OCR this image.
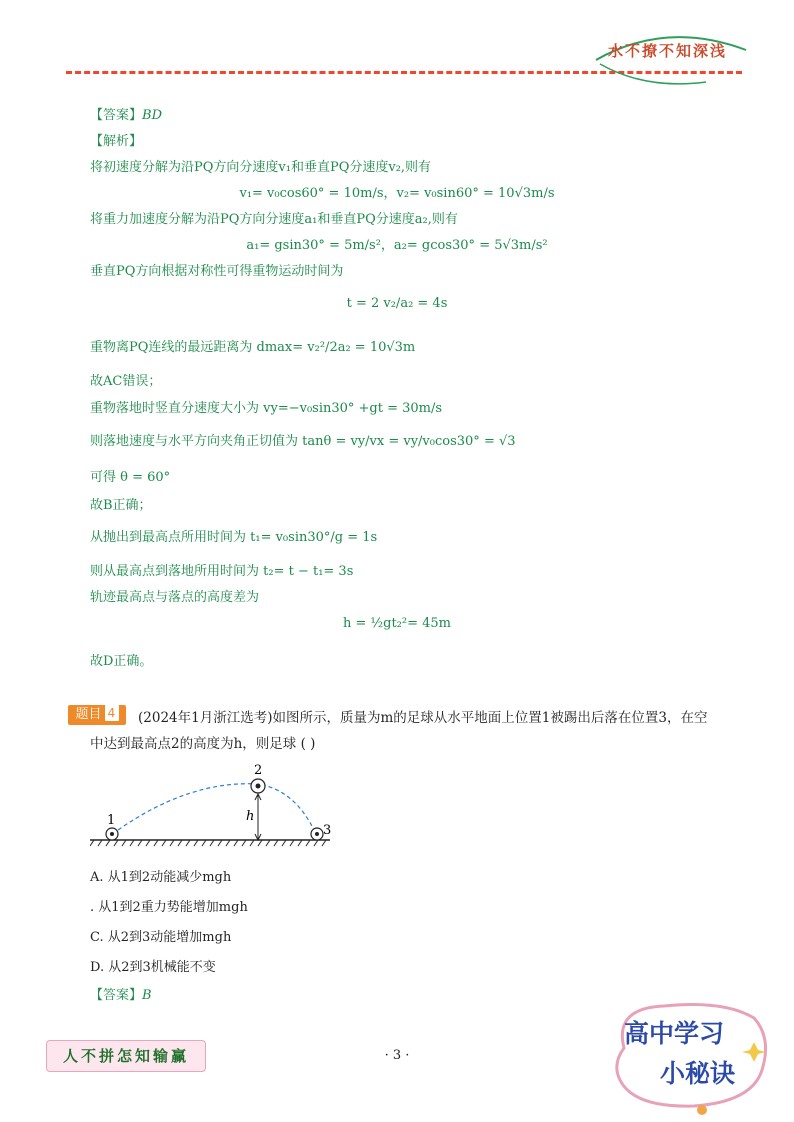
水不撩不知深浅
【答案】BD
【解析】
将初速度分解为沿PQ方向分速度v₁和垂直PQ分速度v₂,则有
v₁= v₀cos60° = 10m/s，v₂= v₀sin60° = 10√3m/s
将重力加速度分解为沿PQ方向分速度a₁和垂直PQ分速度a₂,则有
a₁= gsin30° = 5m/s²，a₂= gcos30° = 5√3m/s²
垂直PQ方向根据对称性可得重物运动时间为
t = 2 v₂/a₂ = 4s
重物离PQ连线的最远距离为 dmax= v₂²/2a₂ = 10√3m
故AC错误；
重物落地时竖直分速度大小为 vy=−v₀sin30° +gt = 30m/s
则落地速度与水平方向夹角正切值为 tanθ = vy/vx = vy/v₀cos30° = √3
可得 θ = 60°
故B正确；
从抛出到最高点所用时间为 t₁= v₀sin30°/g = 1s
则从最高点到落地所用时间为 t₂= t − t₁= 3s
轨迹最高点与落点的高度差为
h = ½gt₂²= 45m
故D正确。
题目 4	(2024年1月浙江选考)如图所示，质量为m的足球从水平地面上位置1被踢出后落在位置3，在空
中达到最高点2的高度为h，则足球 ( )
1
2
3
h
A. 从1到2动能减少mgh
. 从1到2重力势能增加mgh
C. 从2到3动能增加mgh
D. 从2到3机械能不变
【答案】B
人不拼怎知输赢	· 3 ·
高中学习
小秘诀
